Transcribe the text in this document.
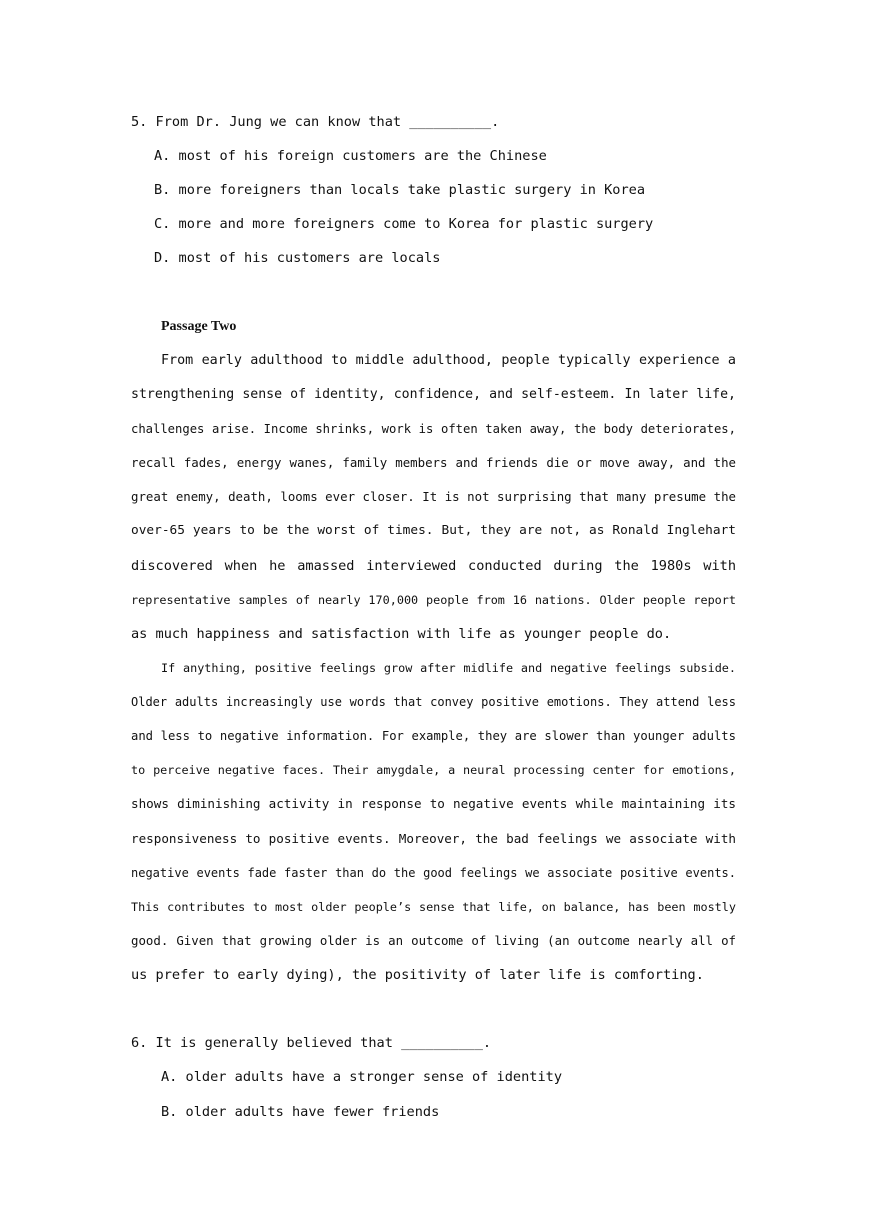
5. From Dr. Jung we can know that __________.
A. most of his foreign customers are the Chinese
B. more foreigners than locals take plastic surgery in Korea
C. more and more foreigners come to Korea for plastic surgery
D. most of his customers are locals
Passage Two
From early adulthood to middle adulthood, people typically experience a
strengthening sense of identity, confidence, and self-esteem. In later life,
challenges arise. Income shrinks, work is often taken away, the body deteriorates,
recall fades, energy wanes, family members and friends die or move away, and the
great enemy, death, looms ever closer. It is not surprising that many presume the
over-65 years to be the worst of times. But, they are not, as Ronald Inglehart
discovered when he amassed interviewed conducted during the 1980s with
representative samples of nearly 170,000 people from 16 nations. Older people report
as much happiness and satisfaction with life as younger people do.
If anything, positive feelings grow after midlife and negative feelings subside.
Older adults increasingly use words that convey positive emotions. They attend less
and less to negative information. For example, they are slower than younger adults
to perceive negative faces. Their amygdale, a neural processing center for emotions,
shows diminishing activity in response to negative events while maintaining its
responsiveness to positive events. Moreover, the bad feelings we associate with
negative events fade faster than do the good feelings we associate positive events.
This contributes to most older people’s sense that life, on balance, has been mostly
good. Given that growing older is an outcome of living (an outcome nearly all of
us prefer to early dying), the positivity of later life is comforting.
6. It is generally believed that __________.
A. older adults have a stronger sense of identity
B. older adults have fewer friends
